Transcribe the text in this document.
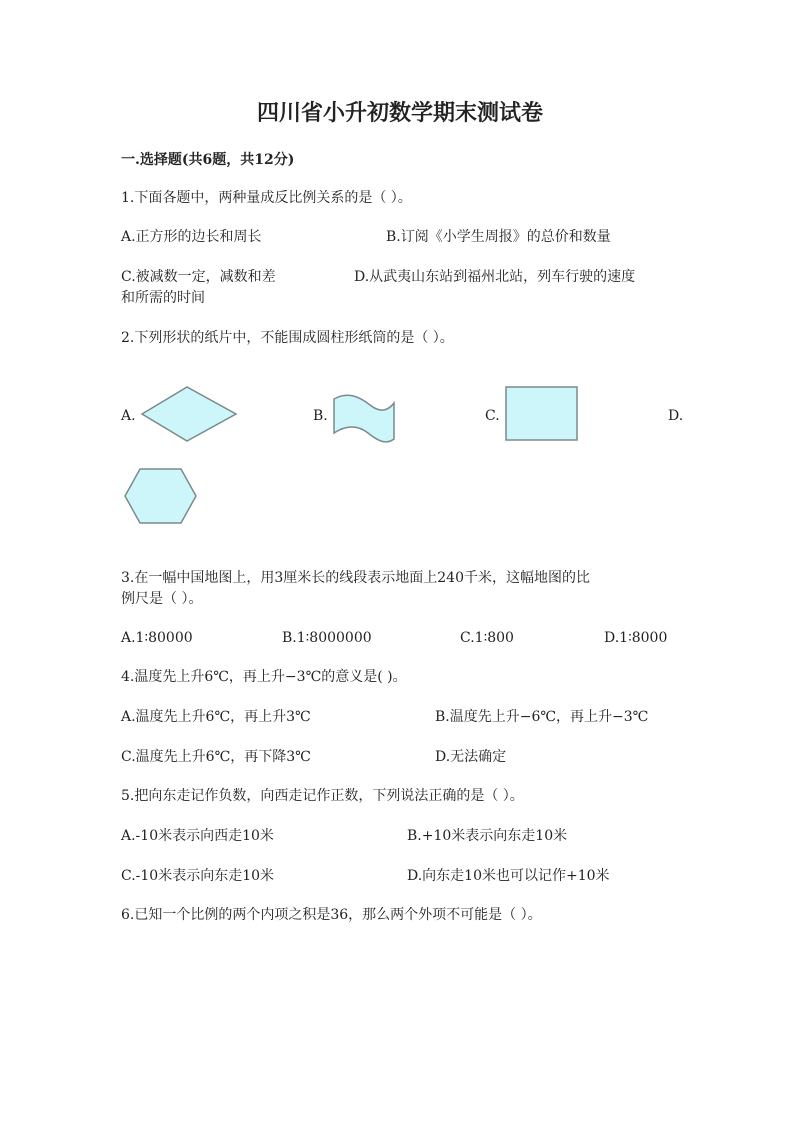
四川省小升初数学期末测试卷
一.选择题(共6题，共12分)
1.下面各题中，两种量成反比例关系的是（ ）。
A.正方形的边长和周长	B.订阅《小学生周报》的总价和数量
C.被减数一定，减数和差	D.从武夷山东站到福州北站，列车行驶的速度
和所需的时间
2.下列形状的纸片中，不能围成圆柱形纸筒的是（ ）。
A.	B.	C.	D.
3.在一幅中国地图上，用3厘米长的线段表示地面上240千米，这幅地图的比
例尺是（ ）。
A.1∶80000	B.1∶8000000	C.1∶800	D.1∶8000
4.温度先上升6℃，再上升−3℃的意义是( )。
A.温度先上升6℃，再上升3℃	B.温度先上升−6℃，再上升−3℃
C.温度先上升6℃，再下降3℃	D.无法确定
5.把向东走记作负数，向西走记作正数，下列说法正确的是（ ）。
A.-10米表示向西走10米	B.+10米表示向东走10米
C.-10米表示向东走10米	D.向东走10米也可以记作+10米
6.已知一个比例的两个内项之积是36，那么两个外项不可能是（ ）。
